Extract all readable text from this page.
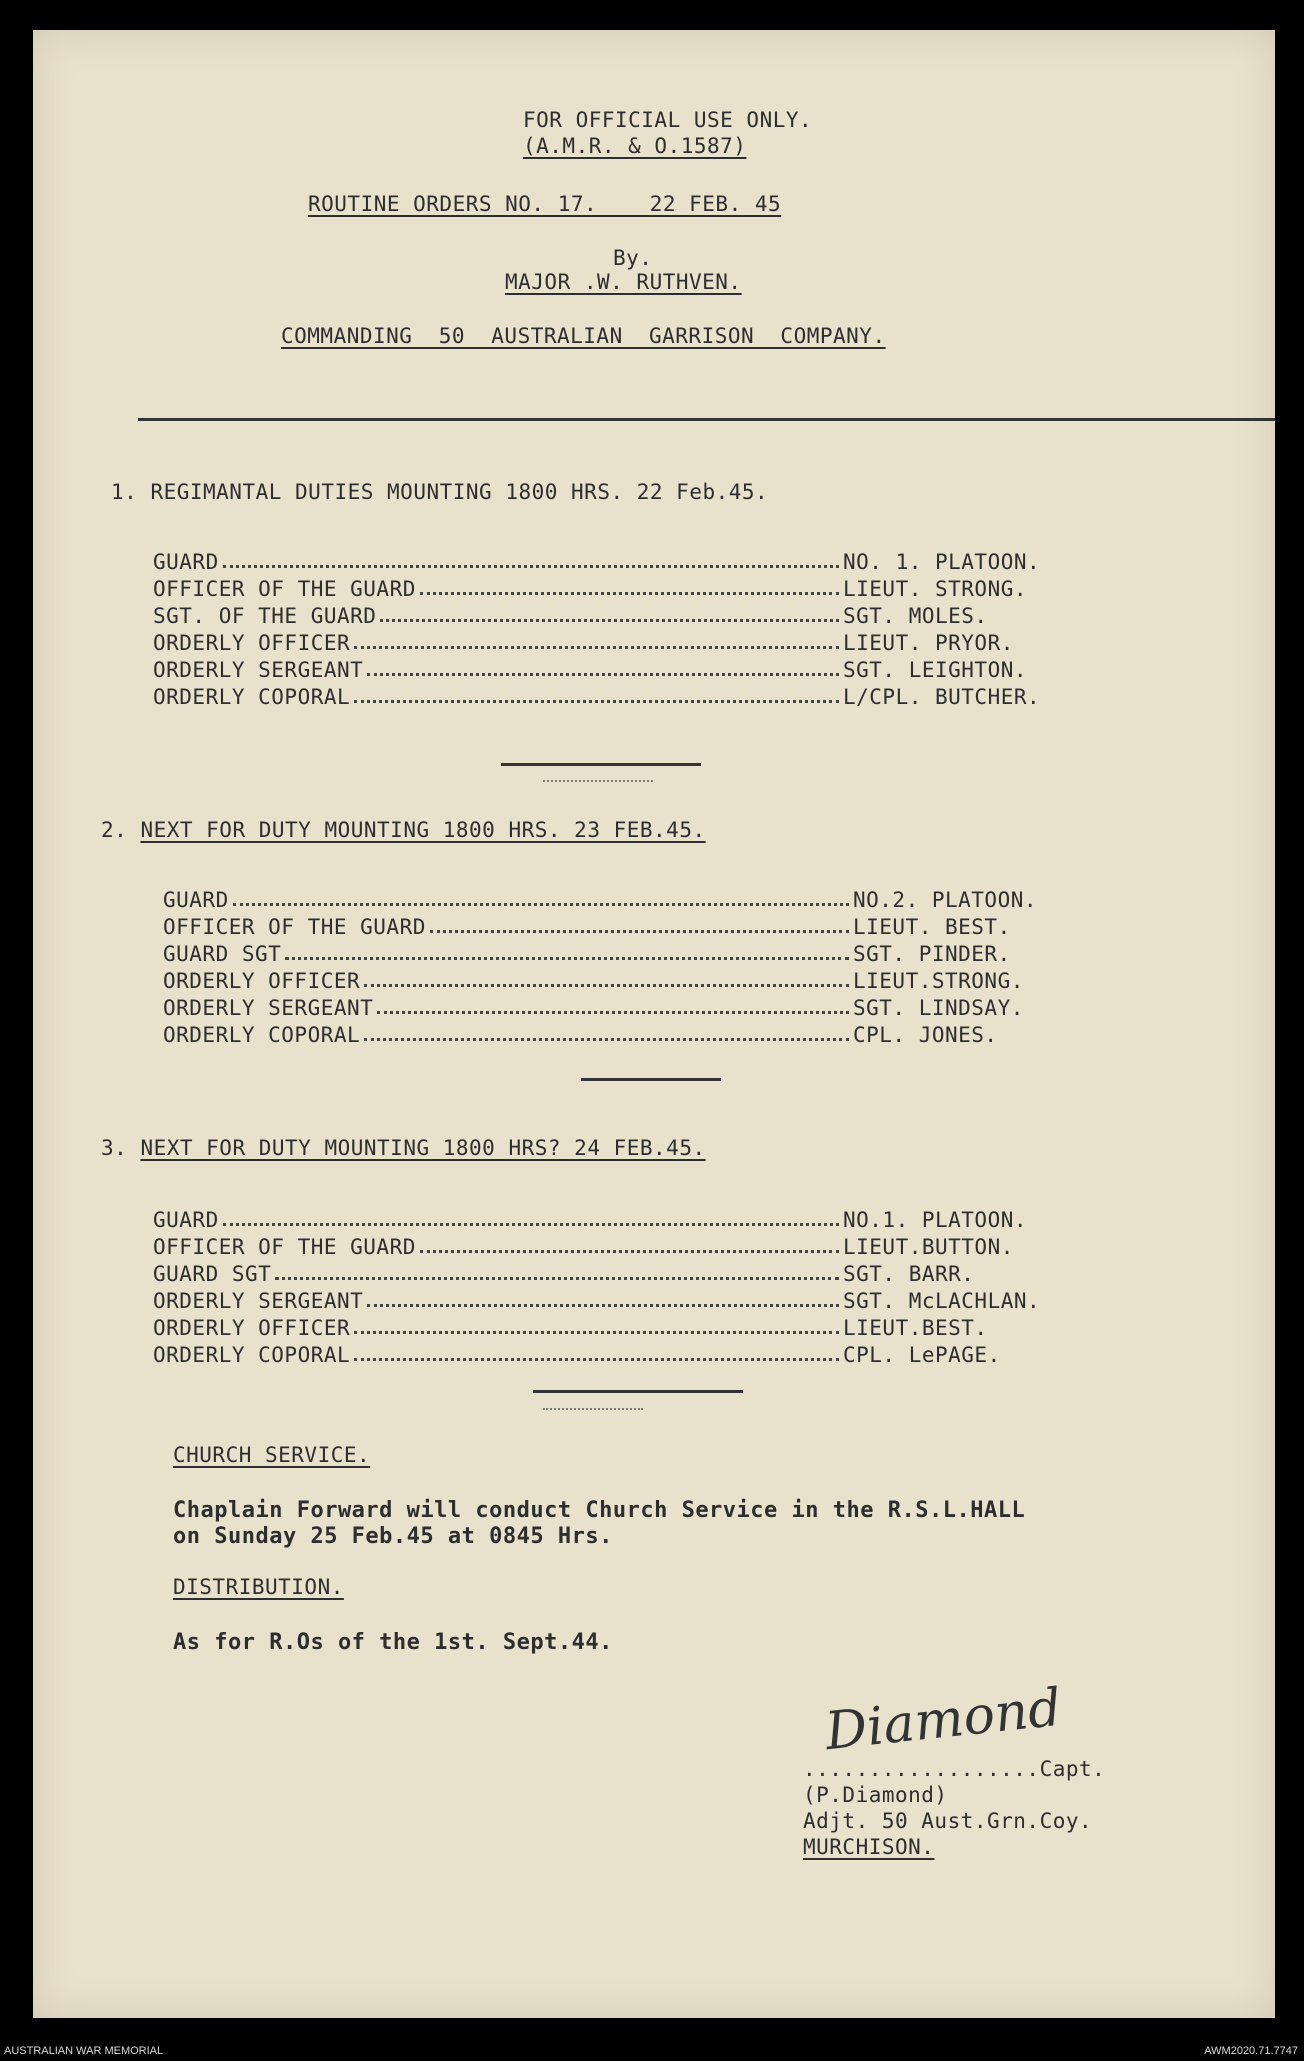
FOR OFFICIAL USE ONLY.
(A.M.R. & O.1587)
ROUTINE ORDERS NO. 17.    22 FEB. 45
By.
MAJOR .W. RUTHVEN.
COMMANDING  50  AUSTRALIAN  GARRISON  COMPANY.
1. REGIMANTAL DUTIES MOUNTING 1800 HRS. 22 Feb.45.
GUARD	NO. 1. PLATOON.
OFFICER OF THE GUARD	LIEUT. STRONG.
SGT. OF THE GUARD	SGT. MOLES.
ORDERLY OFFICER	LIEUT. PRYOR.
ORDERLY SERGEANT	SGT. LEIGHTON.
ORDERLY COPORAL	L/CPL. BUTCHER.
2. NEXT FOR DUTY MOUNTING 1800 HRS. 23 FEB.45.
GUARD	NO.2. PLATOON.
OFFICER OF THE GUARD	LIEUT. BEST.
GUARD SGT	SGT. PINDER.
ORDERLY OFFICER	LIEUT.STRONG.
ORDERLY SERGEANT	SGT. LINDSAY.
ORDERLY COPORAL	CPL. JONES.
3. NEXT FOR DUTY MOUNTING 1800 HRS? 24 FEB.45.
GUARD	NO.1. PLATOON.
OFFICER OF THE GUARD	LIEUT.BUTTON.
GUARD SGT	SGT. BARR.
ORDERLY SERGEANT	SGT. McLACHLAN.
ORDERLY OFFICER	LIEUT.BEST.
ORDERLY COPORAL	CPL. LePAGE.
CHURCH SERVICE.
Chaplain Forward will conduct Church Service in the R.S.L.HALL
on Sunday 25 Feb.45 at 0845 Hrs.
DISTRIBUTION.
As for R.Os of the 1st. Sept.44.
Diamond
..................Capt.
(P.Diamond)
Adjt. 50 Aust.Grn.Coy.
MURCHISON.
AUSTRALIAN WAR MEMORIAL	AWM2020.71.7747
